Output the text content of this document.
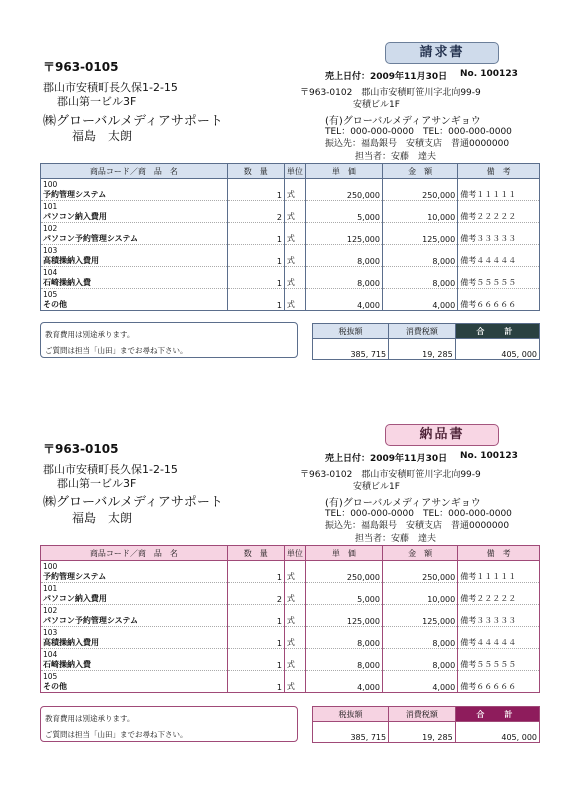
請求書
〒963-0105
郡山市安積町長久保1-2-15
郡山第一ビル3F
㈱グローバルメディアサポート
福島　太朗
売上日付：2009年11月30日 No. 100123
〒963-0102　郡山市安積町笹川字北向99-9
安積ビル1F
(有)グローバルメディアサンギョウ
TEL：000-000-0000　TEL：000-000-0000
振込先：福島銀号　安積支店　普通0000000
担当者：安藤　達夫
商品コード／商　品　名	数　量	単位	単　価	金　額	備　考

100
予約管理システム	1	式	250,000	250,000	備考１１１１１

101
パソコン納入費用	2	式	5,000	10,000	備考２２２２２

102
パソコン予約管理システム	1	式	125,000	125,000	備考３３３３３

103
高積操納入費用	1	式	8,000	8,000	備考４４４４４

104
石崎操納入費	1	式	8,000	8,000	備考５５５５５

105
その他	1	式	4,000	4,000	備考６６６６６
教育費用は別途承ります。
ご質問は担当「山田」までお尋ね下さい。
税抜額	消費税額	合　計
385, 715	19, 285	405, 000
納品書
〒963-0105
郡山市安積町長久保1-2-15
郡山第一ビル3F
㈱グローバルメディアサポート
福島　太朗
売上日付：2009年11月30日 No. 100123
〒963-0102　郡山市安積町笹川字北向99-9
安積ビル1F
(有)グローバルメディアサンギョウ
TEL：000-000-0000　TEL：000-000-0000
振込先：福島銀号　安積支店　普通0000000
担当者：安藤　達夫
商品コード／商　品　名	数　量	単位	単　価	金　額	備　考

100
予約管理システム	1	式	250,000	250,000	備考１１１１１

101
パソコン納入費用	2	式	5,000	10,000	備考２２２２２

102
パソコン予約管理システム	1	式	125,000	125,000	備考３３３３３

103
高積操納入費用	1	式	8,000	8,000	備考４４４４４

104
石崎操納入費	1	式	8,000	8,000	備考５５５５５

105
その他	1	式	4,000	4,000	備考６６６６６
教育費用は別途承ります。
ご質問は担当「山田」までお尋ね下さい。
税抜額	消費税額	合　計
385, 715	19, 285	405, 000
